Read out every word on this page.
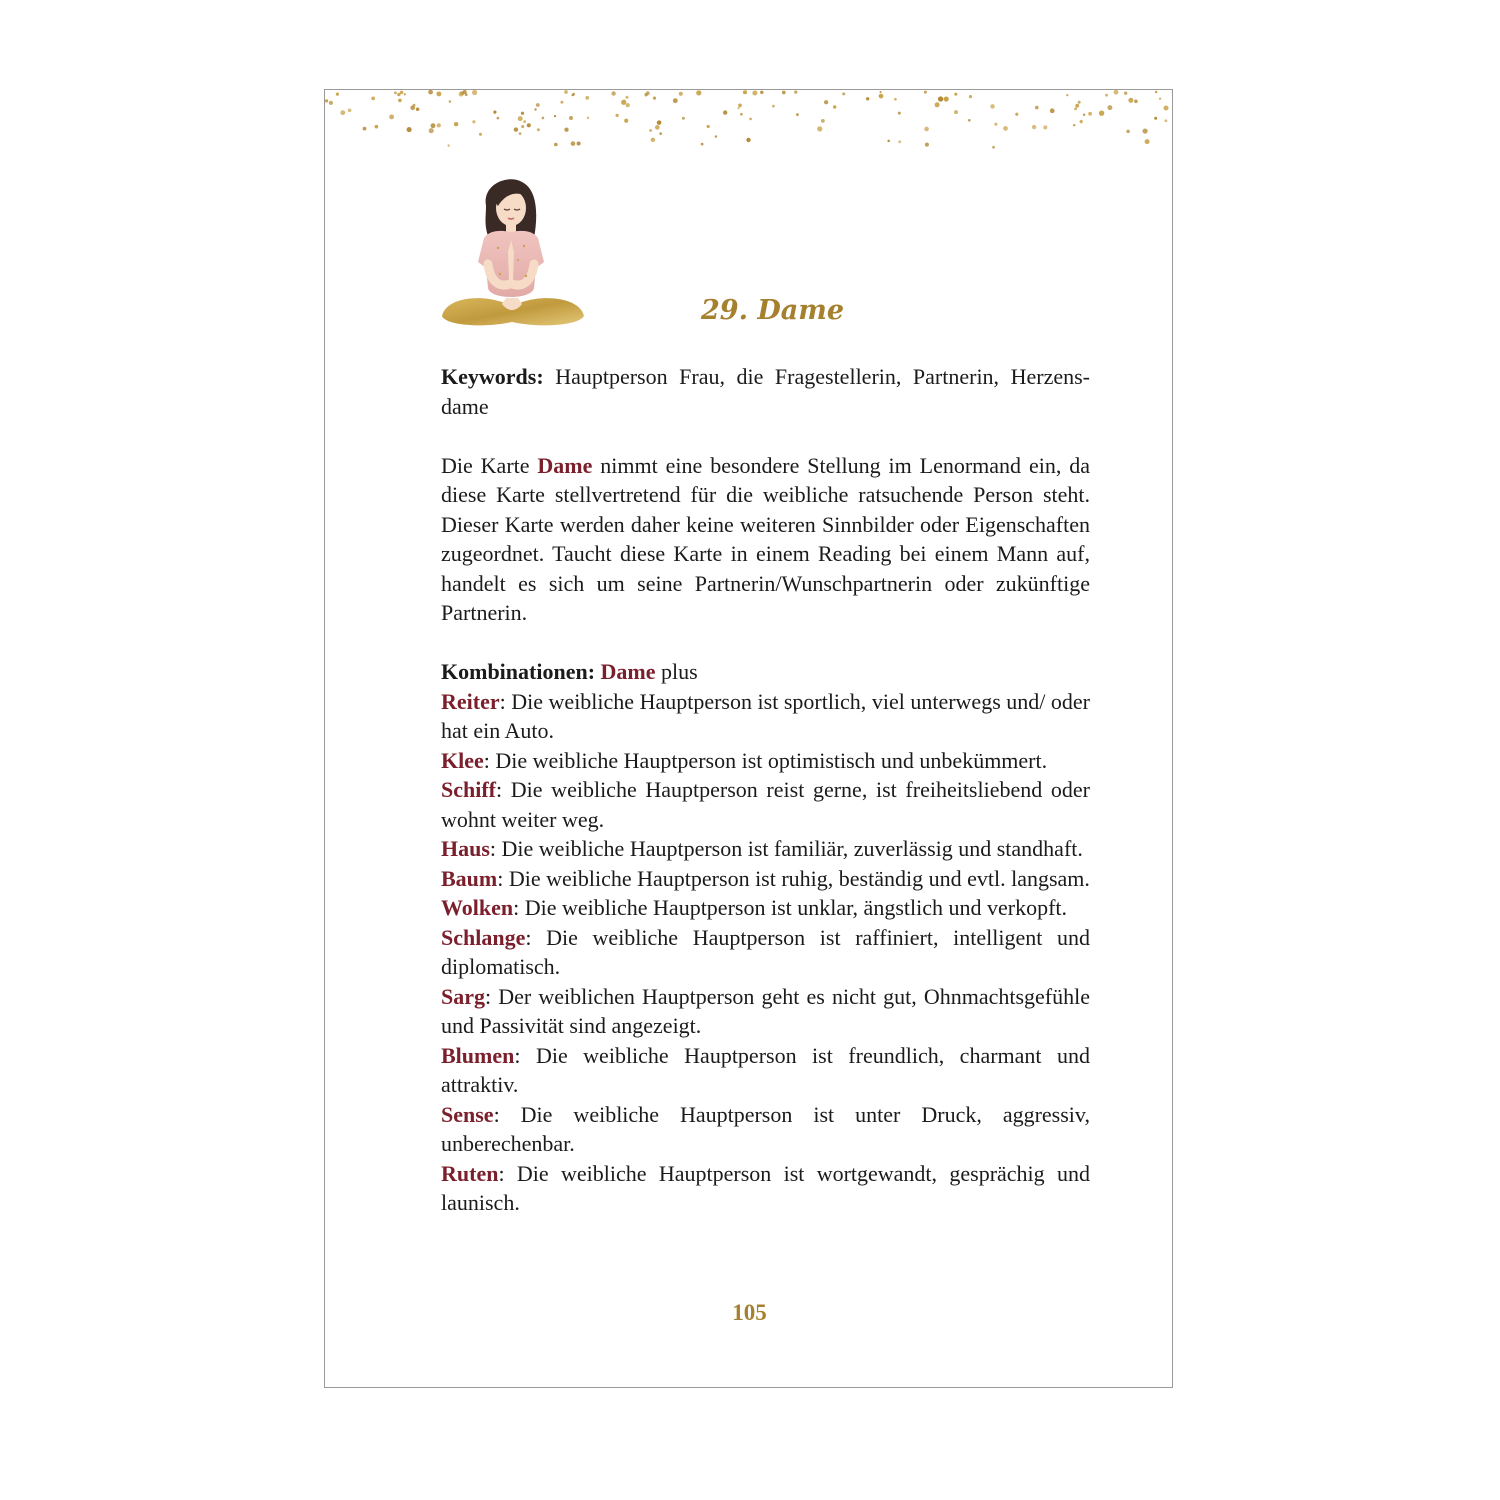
29. Dame

Keywords: Hauptperson Frau, die Fragestellerin, Partnerin, Herzens-dame

Die Karte Dame nimmt eine besondere Stellung im Lenormand ein, da diese Karte stellvertretend für die weibliche ratsuchende Person steht. Dieser Karte werden daher keine weiteren Sinnbilder oder Eigenschaften zugeordnet. Taucht diese Karte in einem Reading bei einem Mann auf, handelt es sich um seine Partnerin/Wunschpartnerin oder zukünftige Partnerin.

Kombinationen: Dame plus

Reiter: Die weibliche Hauptperson ist sportlich, viel unterwegs und/ oder hat ein Auto.

Klee: Die weibliche Hauptperson ist optimistisch und unbekümmert.

Schiff: Die weibliche Hauptperson reist gerne, ist freiheitsliebend oder wohnt weiter weg.

Haus: Die weibliche Hauptperson ist familiär, zuverlässig und standhaft.

Baum: Die weibliche Hauptperson ist ruhig, beständig und evtl. langsam.

Wolken: Die weibliche Hauptperson ist unklar, ängstlich und verkopft.

Schlange: Die weibliche Hauptperson ist raffiniert, intelligent und diplomatisch.

Sarg: Der weiblichen Hauptperson geht es nicht gut, Ohnmachtsgefühle und Passivität sind angezeigt.

Blumen: Die weibliche Hauptperson ist freundlich, charmant und attraktiv.

Sense: Die weibliche Hauptperson ist unter Druck, aggressiv, unberechenbar.

Ruten: Die weibliche Hauptperson ist wortgewandt, gesprächig und launisch.

105
